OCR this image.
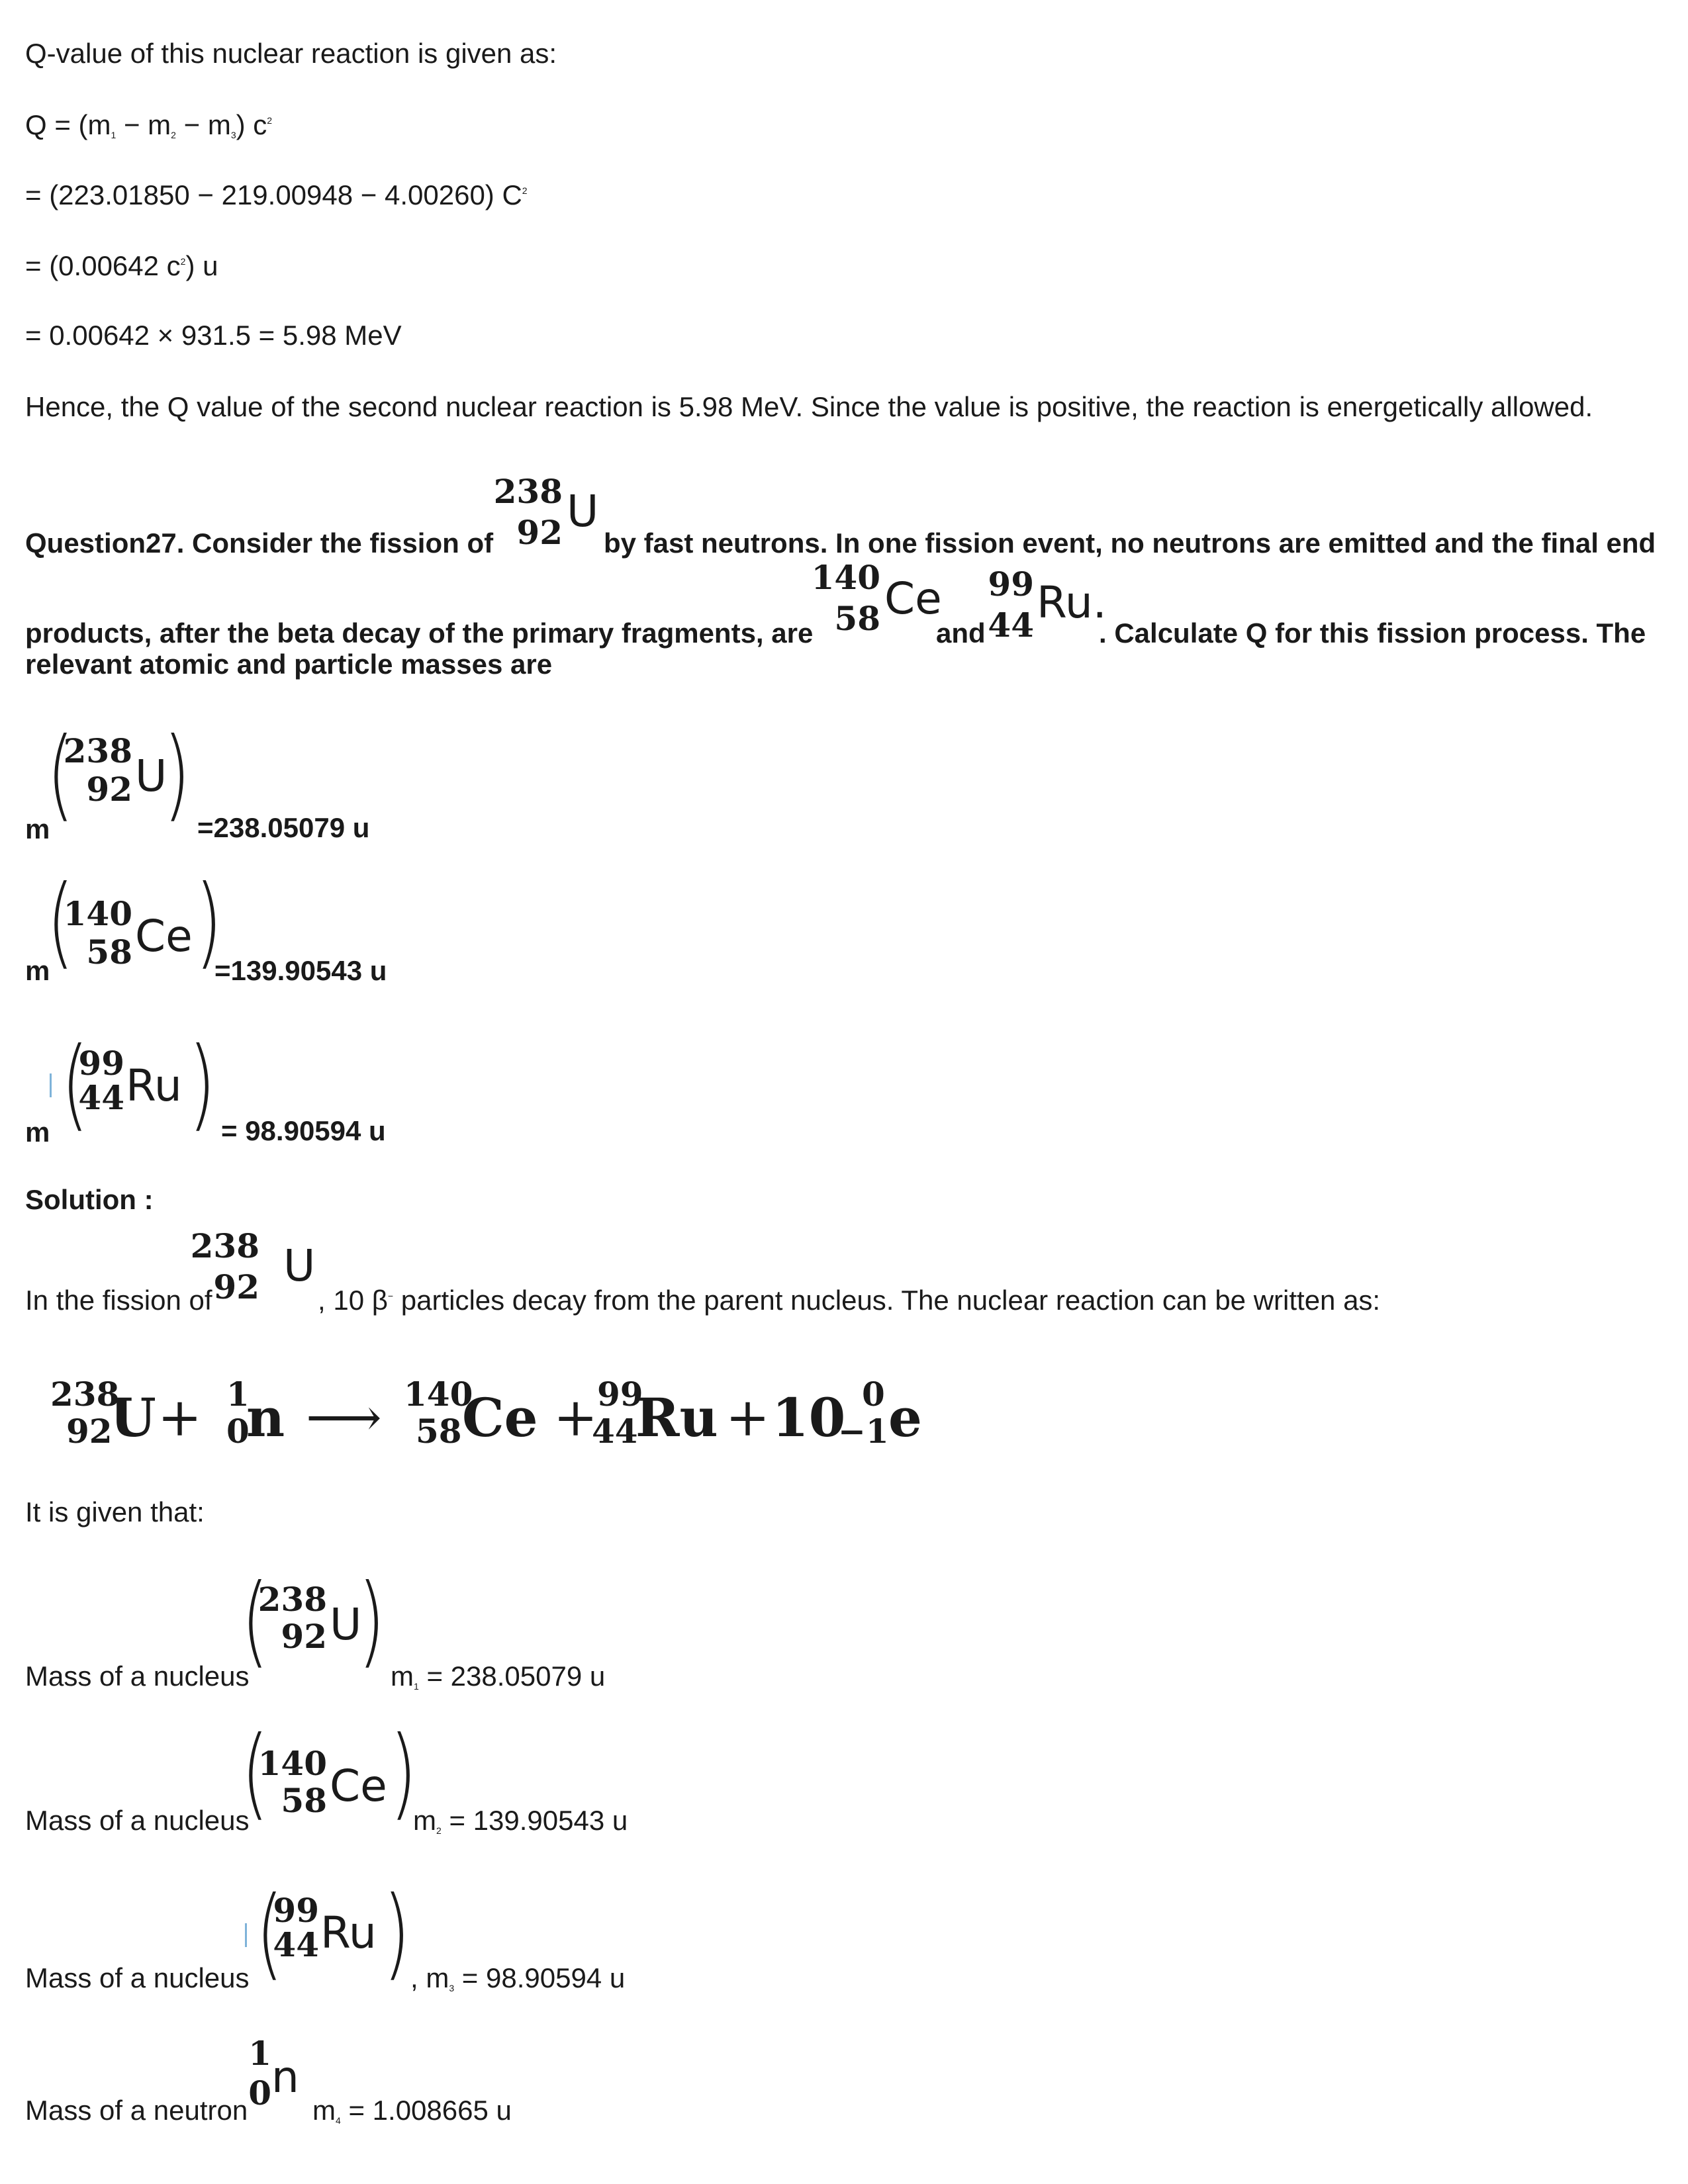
Q-value of this nuclear reaction is given as:
Q = (m1 − m2 − m3) $c^2$
= (223.01850 − 219.00948 − 4.00260) $C^2$
= (0.00642 $c^2$) u
= 0.00642 × 931.5 = 5.98 MeV
Hence, the Q value of the second nuclear reaction is 5.98 MeV. Since the value is positive, the reaction is energetically allowed.
Question27. Consider the fission of
238
92 U
by fast neutrons. In one fission event, no neutrons are emitted and the final end
products, after the beta decay of the primary fragments, are
140
58 Ce
and
99
44 Ru.
. Calculate Q for this fission process. The
relevant atomic and particle masses are
m
(
238
92 U
) =238.05079 u
m
(
140
58 Ce )
=139.90543 u
m (
99
44 Ru ) = 98.90594 u
Solution :
In the fission of
238
92 U
, 10 β− particles decay from the parent nucleus. The nuclear reaction can be written as:
238
92
U + 1
0
n ⟶ 140
58 Ce +
99
44
Ru + 10 0
−1 e
It is given that:
Mass of a nucleus
(
238
92 U
) m1 = 238.05079 u
Mass of a nucleus
(
140
58 Ce )
m2 = 139.90543 u
Mass of a nucleus (
99
44 Ru ) , m3 = 98.90594 u
Mass of a neutron
1
0 n
m4 = 1.008665 u
